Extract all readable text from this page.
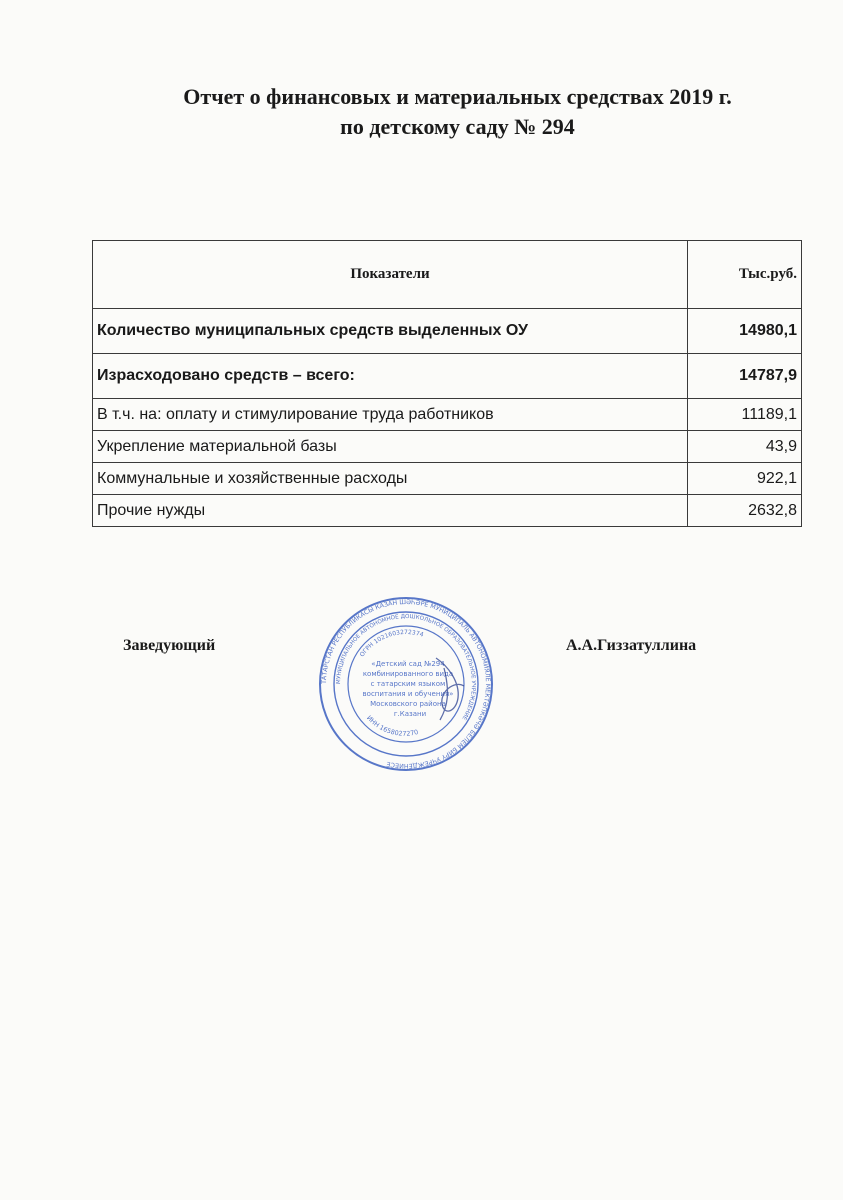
Отчет о финансовых и материальных средствах 2019 г.
по детскому саду № 294
Показатели	Тыс.руб.
Количество муниципальных средств выделенных ОУ	14980,1
Израсходовано средств – всего:	14787,9
В т.ч. на: оплату и стимулирование труда работников	11189,1
Укрепление материальной базы	43,9
Коммунальные и хозяйственные расходы	922,1
Прочие нужды	2632,8
Заведующий	А.А.Гиззатуллина
ТАТАРСТАН РЕСПУБЛИКАСЫ КАЗАН ШӘҺӘРЕ МУНИЦИПАЛЬ АВТОНОМИЯЛЕ МЕКТӘПКӘЧӘ БЕЛЕМ БИРҮ УЧРЕЖДЕНИЕСЕ
МУНИЦИПАЛЬНОЕ АВТОНОМНОЕ ДОШКОЛЬНОЕ ОБРАЗОВАТЕЛЬНОЕ УЧРЕЖДЕНИЕ
ОГРН 1021603272374
ИНН 1658027270
«Детский сад №294
комбинированного вида
с татарским языком
воспитания и обучения»
Московского района
г.Казани
